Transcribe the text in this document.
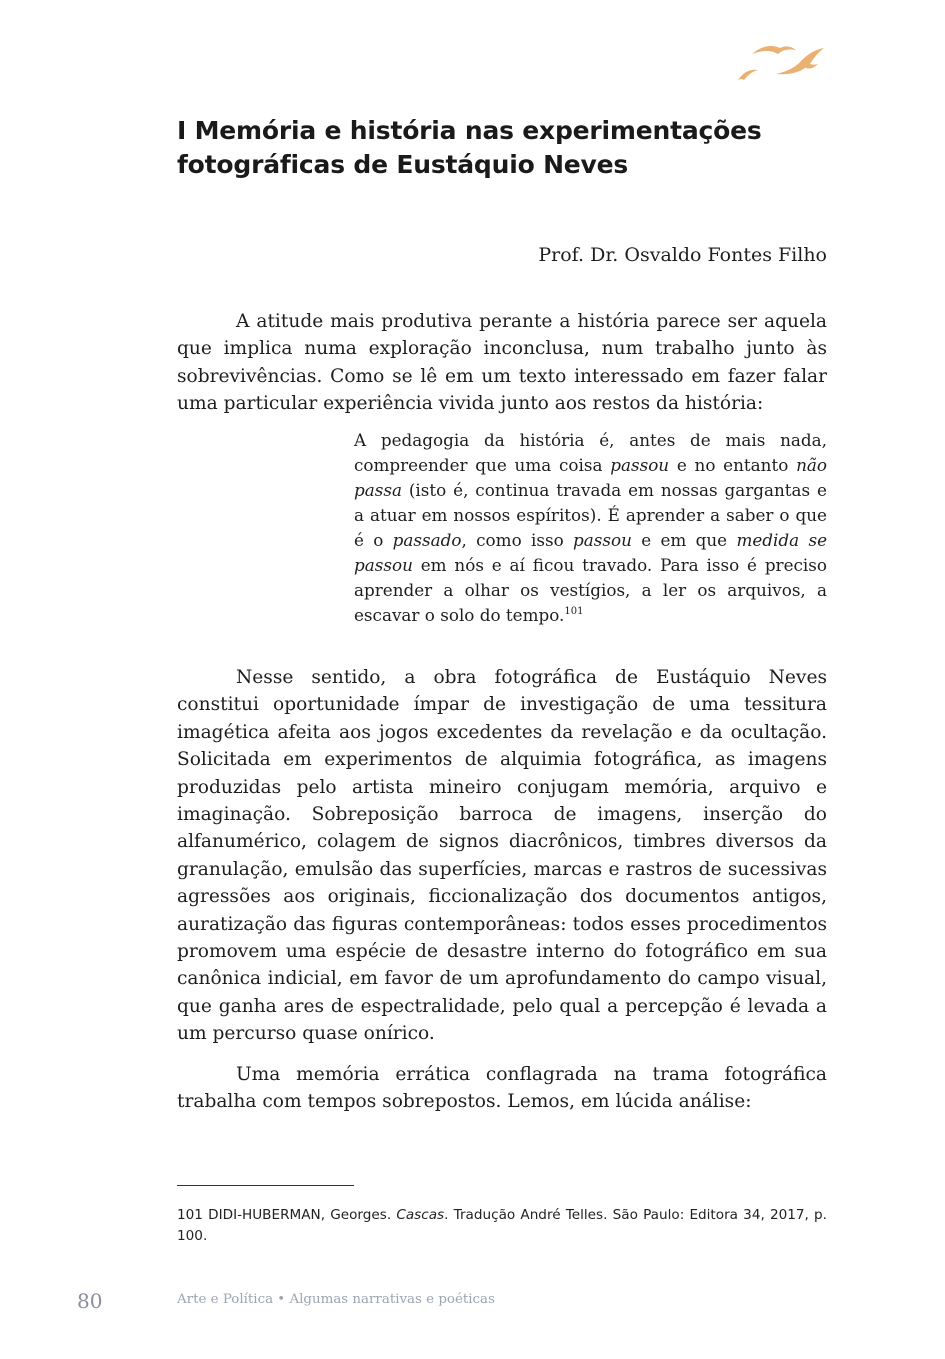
I Memória e história nas experimentações
fotográficas de Eustáquio Neves

Prof. Dr. Osvaldo Fontes Filho

A atitude mais produtiva perante a história parece ser aquela que implica numa exploração inconclusa, num trabalho junto às sobrevivências. Como se lê em um texto interessado em fazer falar uma particular experiência vivida junto aos restos da história:

A pedagogia da história é, antes de mais nada, compreender que uma coisa passou e no entanto não passa (isto é, continua travada em nossas gargantas e a atuar em nossos espíritos). É aprender a saber o que é o passado, como isso passou e em que medida se passou em nós e aí ficou travado. Para isso é preciso aprender a olhar os vestígios, a ler os arquivos, a escavar o solo do tempo.$^{101}$

Nesse sentido, a obra fotográfica de Eustáquio Neves constitui oportunidade ímpar de investigação de uma tessitura imagética afeita aos jogos excedentes da revelação e da ocultação. Solicitada em experimentos de alquimia fotográfica, as imagens produzidas pelo artista mineiro conjugam memória, arquivo e imaginação. Sobreposição barroca de imagens, inserção do alfanumérico, colagem de signos diacrônicos, timbres diversos da granulação, emulsão das superfícies, marcas e rastros de sucessivas agressões aos originais, ficcionalização dos documentos antigos, auratização das figuras contemporâneas: todos esses procedimentos promovem uma espécie de desastre interno do fotográfico em sua canônica indicial, em favor de um aprofundamento do campo visual, que ganha ares de espectralidade, pelo qual a percepção é levada a um percurso quase onírico.

Uma memória errática conflagrada na trama fotográfica trabalha com tempos sobrepostos. Lemos, em lúcida análise:

101 DIDI-HUBERMAN, Georges. Cascas. Tradução André Telles. São Paulo: Editora 34, 2017, p. 100.

80	Arte e Política • Algumas narrativas e poéticas
